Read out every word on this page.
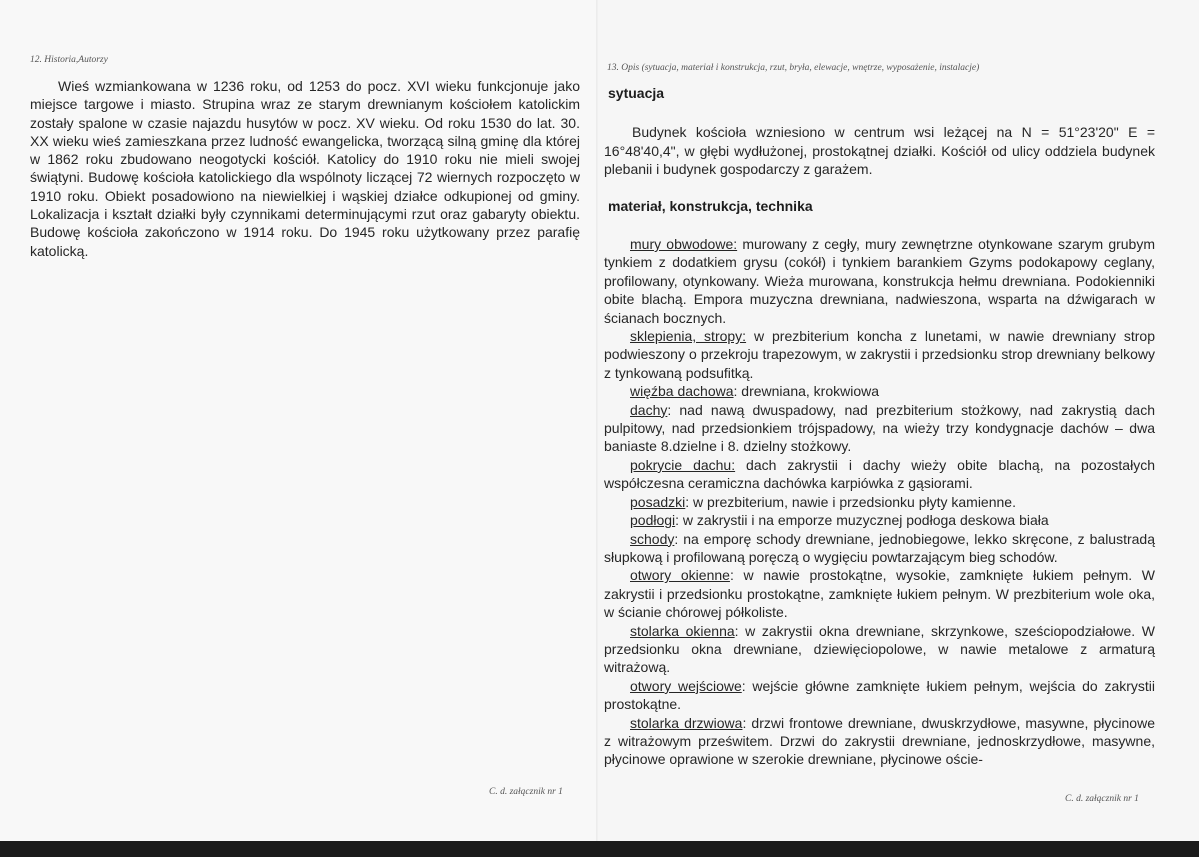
12. Historia,Autorzy

Wieś wzmiankowana w 1236 roku, od 1253 do pocz. XVI wieku funkcjonuje jako miejsce targowe i miasto. Strupina wraz ze starym drewnianym kościołem katolickim zostały spalone w czasie najazdu husytów w pocz. XV wieku. Od roku 1530 do lat. 30. XX wieku wieś zamieszkana przez ludność ewangelicka, tworzącą silną gminę dla której w 1862 roku zbudowano neogotycki kościół. Katolicy do 1910 roku nie mieli swojej świątyni. Budowę kościoła katolickiego dla wspólnoty liczącej 72 wiernych rozpoczęto w 1910 roku. Obiekt posadowiono na niewielkiej i wąskiej działce odkupionej od gminy. Lokalizacja i kształt działki były czynnikami determinującymi rzut oraz gabaryty obiektu. Budowę kościoła zakończono w 1914 roku. Do 1945 roku użytkowany przez parafię katolicką.

C. d. załącznik nr 1
13. Opis (sytuacja, materiał i konstrukcja, rzut, bryła, elewacje, wnętrze, wyposażenie, instalacje)
C. d. załącznik nr 1
sytuacja

Budynek kościoła wzniesiono w centrum wsi leżącej na N = 51°23'20" E = 16°48'40,4", w głębi wydłużonej, prostokątnej działki. Kościół od ulicy oddziela budynek plebanii i budynek gospodarczy z garażem.

materiał, konstrukcja, technika

mury obwodowe: murowany z cegły, mury zewnętrzne otynkowane szarym grubym tynkiem z dodatkiem grysu (cokół) i tynkiem barankiem Gzyms podokapowy ceglany, profilowany, otynkowany. Wieża murowana, konstrukcja hełmu drewniana. Podokienniki obite blachą. Empora muzyczna drewniana, nadwieszona, wsparta na dźwigarach w ścianach bocznych.

sklepienia, stropy: w prezbiterium koncha z lunetami, w nawie drewniany strop podwieszony o przekroju trapezowym, w zakrystii i przedsionku strop drewniany belkowy z tynkowaną podsufitką.

więźba dachowa: drewniana, krokwiowa

dachy: nad nawą dwuspadowy, nad prezbiterium stożkowy, nad zakrystią dach pulpitowy, nad przedsionkiem trójspadowy, na wieży trzy kondygnacje dachów – dwa baniaste 8.dzielne i 8. dzielny stożkowy.

pokrycie dachu: dach zakrystii i dachy wieży obite blachą, na pozostałych współczesna ceramiczna dachówka karpiówka z gąsiorami.

posadzki: w prezbiterium, nawie i przedsionku płyty kamienne.

podłogi: w zakrystii i na emporze muzycznej podłoga deskowa biała

schody: na emporę schody drewniane, jednobiegowe, lekko skręcone, z balustradą słupkową i profilowaną poręczą o wygięciu powtarzającym bieg schodów.

otwory okienne: w nawie prostokątne, wysokie, zamknięte łukiem pełnym. W zakrystii i przedsionku prostokątne, zamknięte łukiem pełnym. W prezbiterium wole oka, w ścianie chórowej półkoliste.

stolarka okienna: w zakrystii okna drewniane, skrzynkowe, sześciopodziałowe. W przedsionku okna drewniane, dziewięciopolowe, w nawie metalowe z armaturą witrażową.

otwory wejściowe: wejście główne zamknięte łukiem pełnym, wejścia do zakrystii prostokątne.

stolarka drzwiowa: drzwi frontowe drewniane, dwuskrzydłowe, masywne, płycinowe z witrażowym prześwitem. Drzwi do zakrystii drewniane, jednoskrzydłowe, masywne, płycinowe oprawione w szerokie drewniane, płycinowe oście-
